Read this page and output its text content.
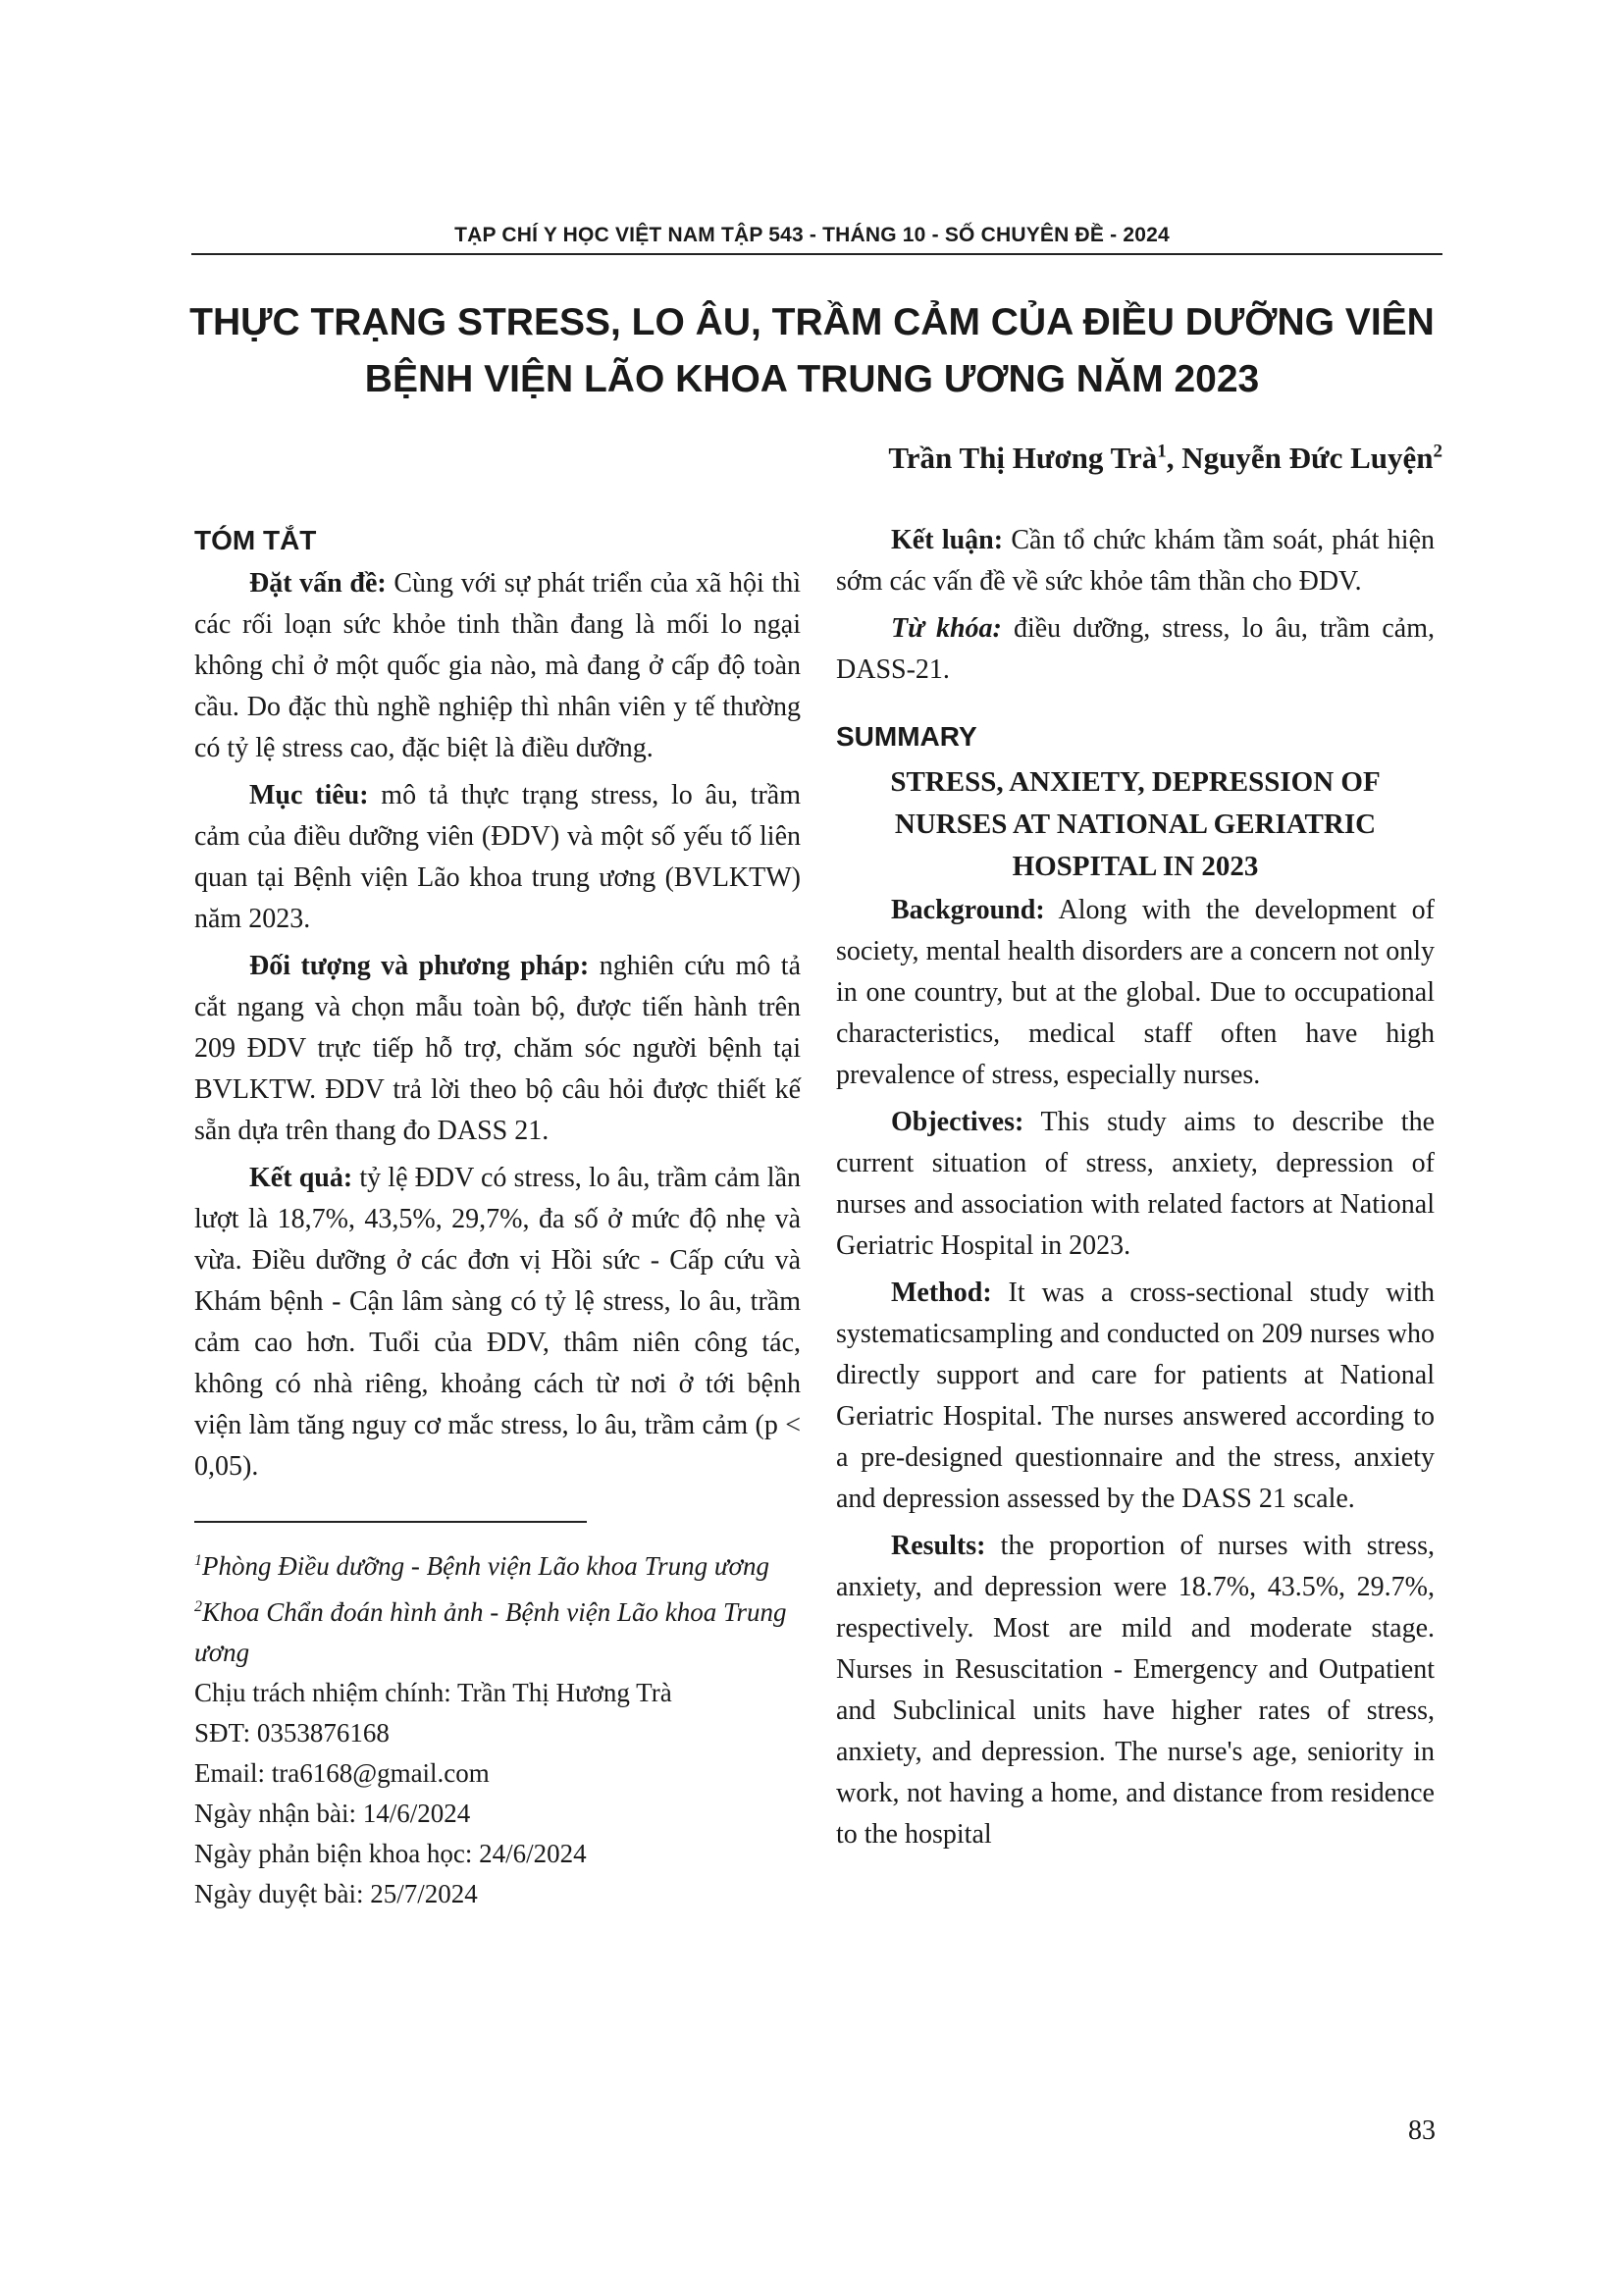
TẠP CHÍ Y HỌC VIỆT NAM TẬP 543 - THÁNG 10 - SỐ CHUYÊN ĐỀ - 2024
THỰC TRẠNG STRESS, LO ÂU, TRẦM CẢM CỦA ĐIỀU DƯỠNG VIÊN
BỆNH VIỆN LÃO KHOA TRUNG ƯƠNG NĂM 2023
Trần Thị Hương Trà$^1$, Nguyễn Đức Luyện$^2$
TÓM TẮT

Đặt vấn đề: Cùng với sự phát triển của xã hội thì các rối loạn sức khỏe tinh thần đang là mối lo ngại không chỉ ở một quốc gia nào, mà đang ở cấp độ toàn cầu. Do đặc thù nghề nghiệp thì nhân viên y tế thường có tỷ lệ stress cao, đặc biệt là điều dưỡng.

Mục tiêu: mô tả thực trạng stress, lo âu, trầm cảm của điều dưỡng viên (ĐDV) và một số yếu tố liên quan tại Bệnh viện Lão khoa trung ương (BVLKTW) năm 2023.

Đối tượng và phương pháp: nghiên cứu mô tả cắt ngang và chọn mẫu toàn bộ, được tiến hành trên 209 ĐDV trực tiếp hỗ trợ, chăm sóc người bệnh tại BVLKTW. ĐDV trả lời theo bộ câu hỏi được thiết kế sẵn dựa trên thang đo DASS 21.

Kết quả: tỷ lệ ĐDV có stress, lo âu, trầm cảm lần lượt là 18,7%, 43,5%, 29,7%, đa số ở mức độ nhẹ và vừa. Điều dưỡng ở các đơn vị Hồi sức - Cấp cứu và Khám bệnh - Cận lâm sàng có tỷ lệ stress, lo âu, trầm cảm cao hơn. Tuổi của ĐDV, thâm niên công tác, không có nhà riêng, khoảng cách từ nơi ở tới bệnh viện làm tăng nguy cơ mắc stress, lo âu, trầm cảm (p < 0,05).

$^1$Phòng Điều dưỡng - Bệnh viện Lão khoa Trung ương
$^2$Khoa Chẩn đoán hình ảnh - Bệnh viện Lão khoa Trung ương
Chịu trách nhiệm chính: Trần Thị Hương Trà
SĐT: 0353876168
Email: tra6168@gmail.com
Ngày nhận bài: 14/6/2024
Ngày phản biện khoa học: 24/6/2024
Ngày duyệt bài: 25/7/2024

Kết luận: Cần tổ chức khám tầm soát, phát hiện sớm các vấn đề về sức khỏe tâm thần cho ĐDV.

Từ khóa: điều dưỡng, stress, lo âu, trầm cảm, DASS-21.

SUMMARY
STRESS, ANXIETY, DEPRESSION OF NURSES AT NATIONAL GERIATRIC HOSPITAL IN 2023

Background: Along with the development of society, mental health disorders are a concern not only in one country, but at the global. Due to occupational characteristics, medical staff often have high prevalence of stress, especially nurses.

Objectives: This study aims to describe the current situation of stress, anxiety, depression of nurses and association with related factors at National Geriatric Hospital in 2023.

Method: It was a cross-sectional study with systematicsampling and conducted on 209 nurses who directly support and care for patients at National Geriatric Hospital. The nurses answered according to a pre-designed questionnaire and the stress, anxiety and depression assessed by the DASS 21 scale.

Results: the proportion of nurses with stress, anxiety, and depression were 18.7%, 43.5%, 29.7%, respectively. Most are mild and moderate stage. Nurses in Resuscitation - Emergency and Outpatient and Subclinical units have higher rates of stress, anxiety, and depression. The nurse's age, seniority in work, not having a home, and distance from residence to the hospital

83
